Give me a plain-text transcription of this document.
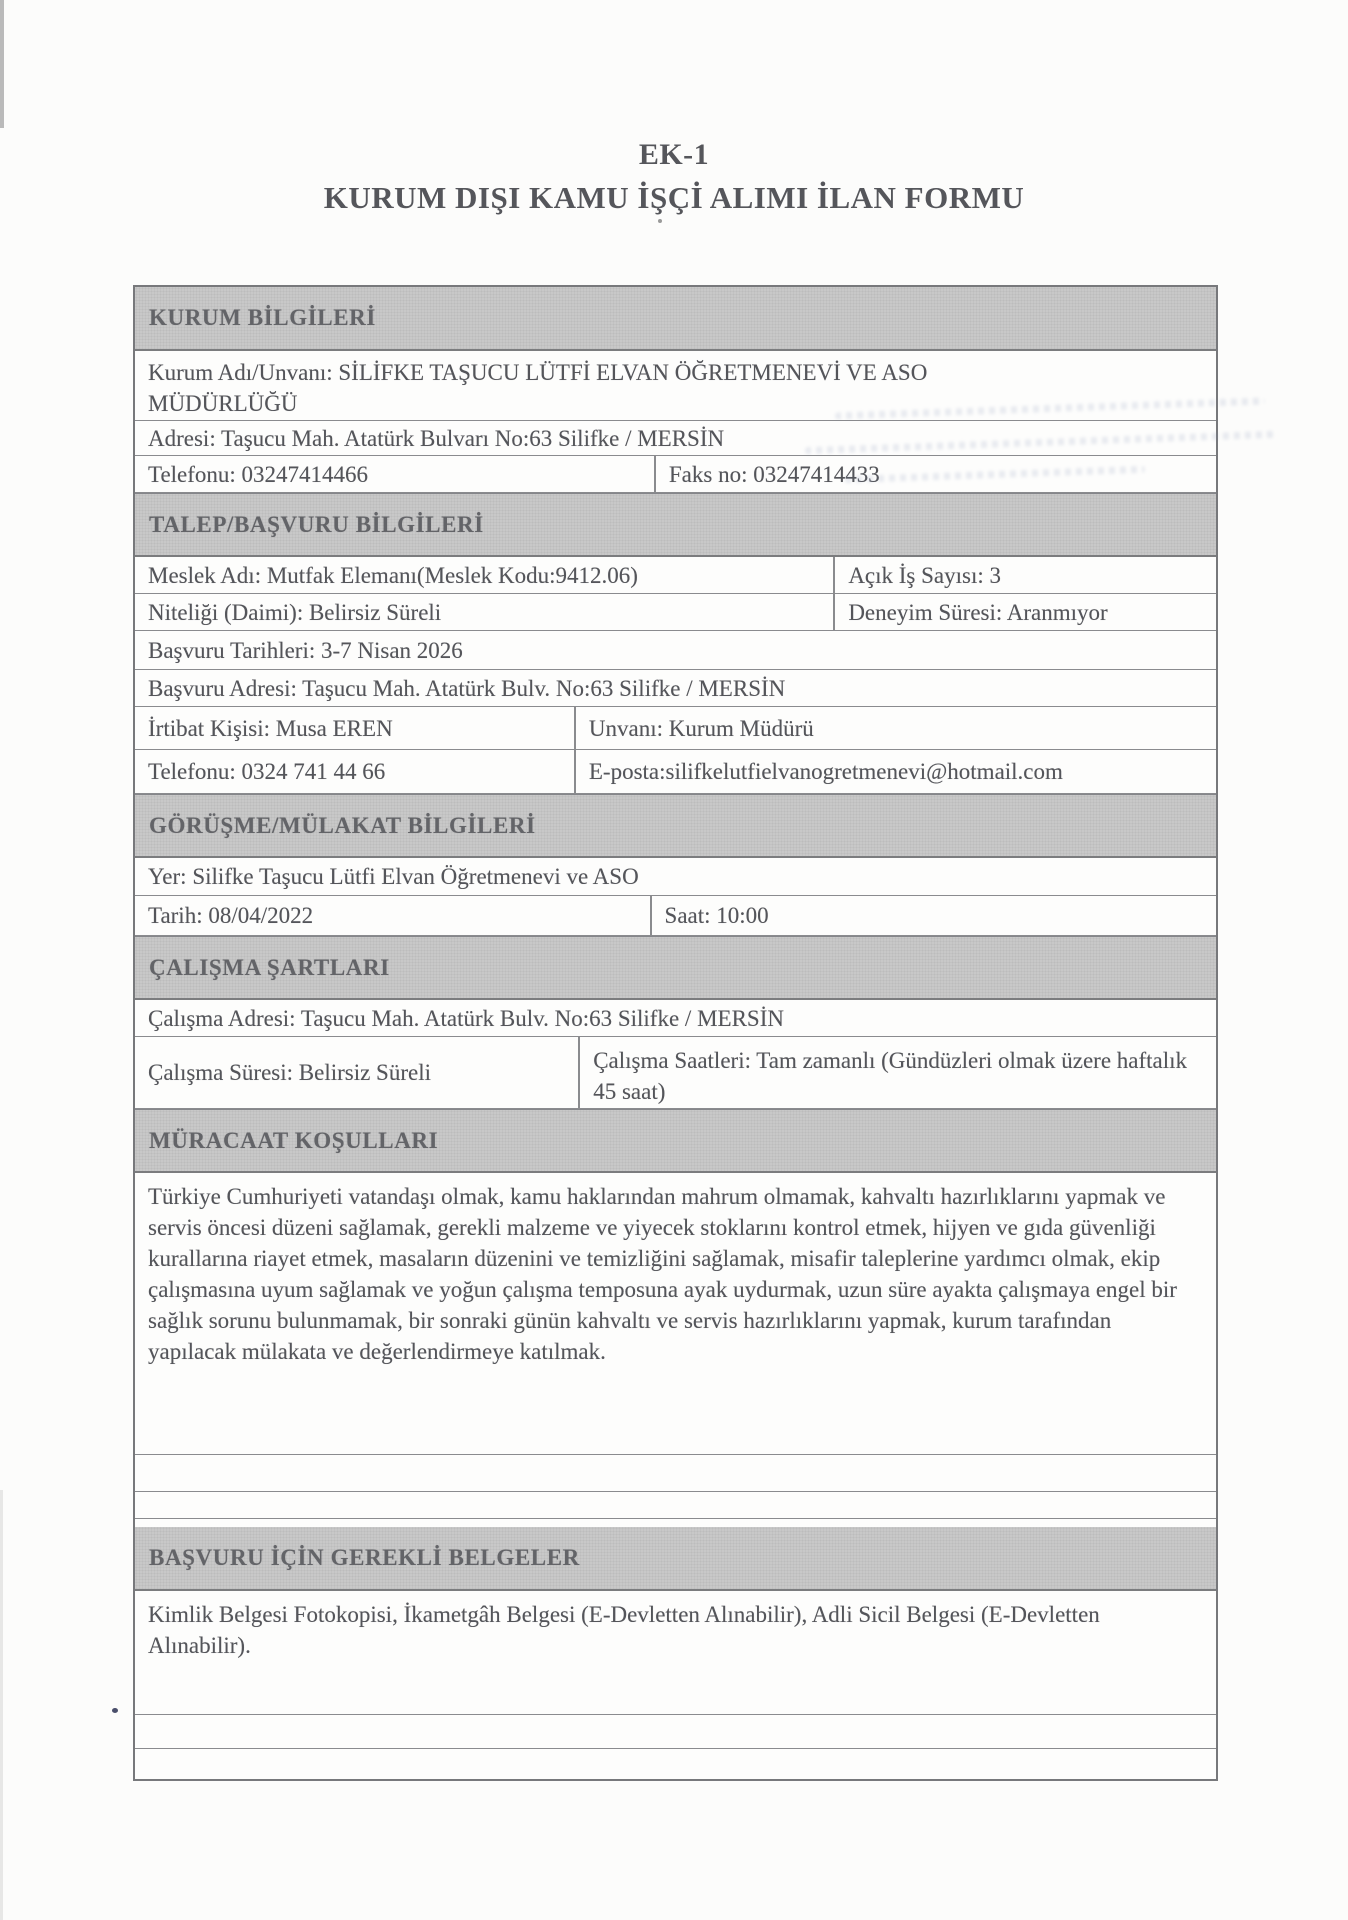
EK-1
KURUM DIŞI KAMU İŞÇİ ALIMI İLAN FORMU
KURUM BİLGİLERİ
Kurum Adı/Unvanı: SİLİFKE TAŞUCU LÜTFİ ELVAN ÖĞRETMENEVİ VE ASO MÜDÜRLÜĞÜ
Adresi: Taşucu Mah. Atatürk Bulvarı No:63 Silifke / MERSİN
Telefonu: 03247414466	Faks no: 03247414433
TALEP/BAŞVURU BİLGİLERİ
Meslek Adı: Mutfak Elemanı(Meslek Kodu:9412.06)	Açık İş Sayısı: 3
Niteliği (Daimi): Belirsiz Süreli	Deneyim Süresi: Aranmıyor
Başvuru Tarihleri: 3-7 Nisan 2026
Başvuru Adresi: Taşucu Mah. Atatürk Bulv. No:63 Silifke / MERSİN
İrtibat Kişisi: Musa EREN	Unvanı: Kurum Müdürü
Telefonu: 0324 741 44 66	E-posta:silifkelutfielvanogretmenevi@hotmail.com
GÖRÜŞME/MÜLAKAT BİLGİLERİ
Yer: Silifke Taşucu Lütfi Elvan Öğretmenevi ve ASO
Tarih: 08/04/2022	Saat: 10:00
ÇALIŞMA ŞARTLARI
Çalışma Adresi: Taşucu Mah. Atatürk Bulv. No:63 Silifke / MERSİN
Çalışma Süresi: Belirsiz Süreli	Çalışma Saatleri: Tam zamanlı (Gündüzleri olmak üzere haftalık 45 saat)
MÜRACAAT KOŞULLARI
Türkiye Cumhuriyeti vatandaşı olmak, kamu haklarından mahrum olmamak, kahvaltı hazırlıklarını yapmak ve servis öncesi düzeni sağlamak, gerekli malzeme ve yiyecek stoklarını kontrol etmek, hijyen ve gıda güvenliği kurallarına riayet etmek, masaların düzenini ve temizliğini sağlamak, misafir taleplerine yardımcı olmak, ekip çalışmasına uyum sağlamak ve yoğun çalışma temposuna ayak uydurmak, uzun süre ayakta çalışmaya engel bir sağlık sorunu bulunmamak, bir sonraki günün kahvaltı ve servis hazırlıklarını yapmak, kurum tarafından yapılacak mülakata ve değerlendirmeye katılmak.
BAŞVURU İÇİN GEREKLİ BELGELER
Kimlik Belgesi Fotokopisi, İkametgâh Belgesi (E-Devletten Alınabilir), Adli Sicil Belgesi (E-Devletten Alınabilir).
